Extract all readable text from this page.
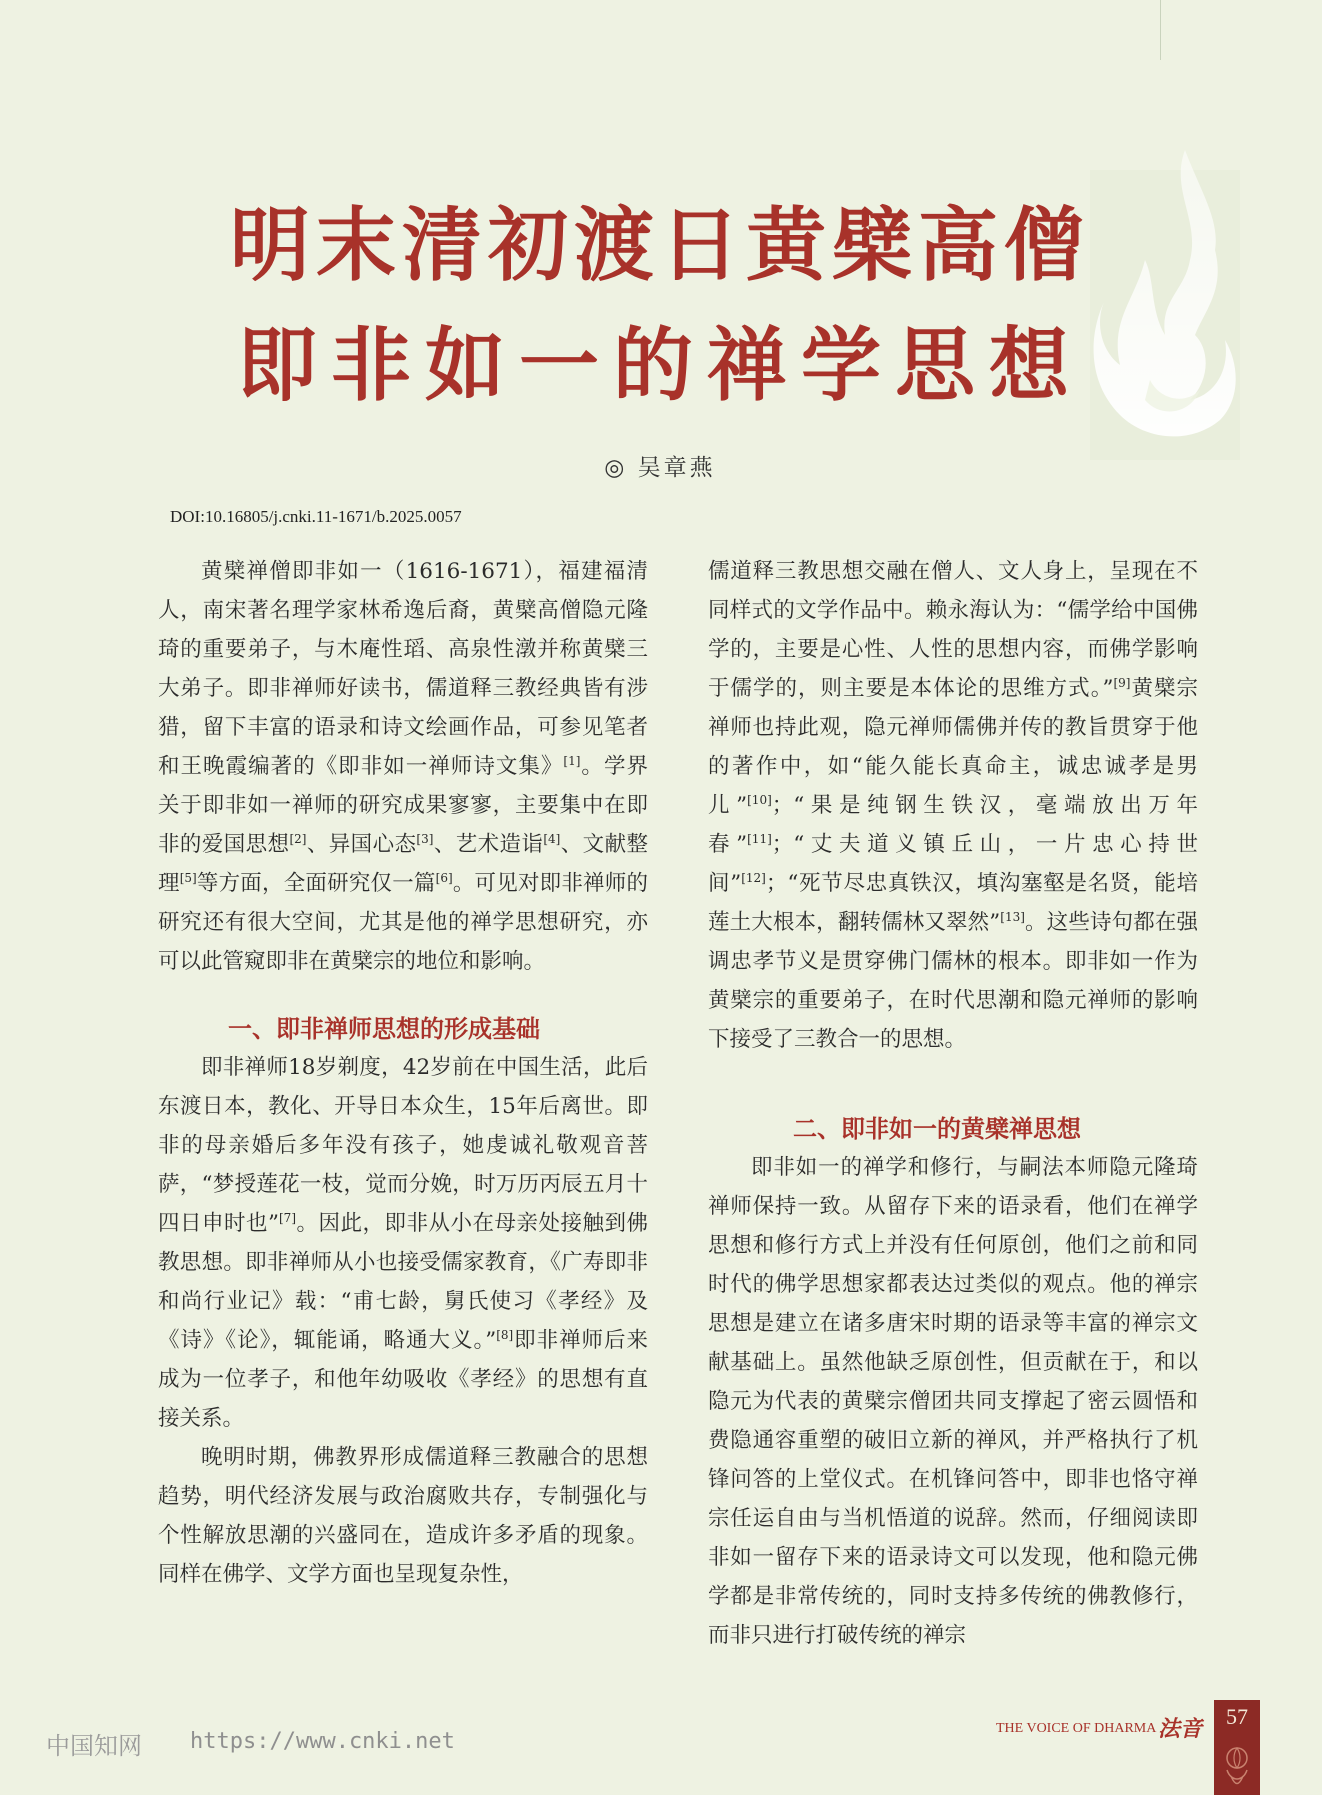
明末清初渡日黄檗高僧
即非如一的禅学思想
◎ 吴章燕
DOI:10.16805/j.cnki.11-1671/b.2025.0057

黄檗禅僧即非如一（1616-1671），福建福清人，南宋著名理学家林希逸后裔，黄檗高僧隐元隆琦的重要弟子，与木庵性瑫、高泉性潡并称黄檗三大弟子。即非禅师好读书，儒道释三教经典皆有涉猎，留下丰富的语录和诗文绘画作品，可参见笔者和王晚霞编著的《即非如一禅师诗文集》[1]。学界关于即非如一禅师的研究成果寥寥，主要集中在即非的爱国思想[2]、异国心态[3]、艺术造诣[4]、文献整理[5]等方面，全面研究仅一篇[6]。可见对即非禅师的研究还有很大空间，尤其是他的禅学思想研究，亦可以此管窥即非在黄檗宗的地位和影响。

一、即非禅师思想的形成基础

即非禅师18岁剃度，42岁前在中国生活，此后东渡日本，教化、开导日本众生，15年后离世。即非的母亲婚后多年没有孩子，她虔诚礼敬观音菩萨，“梦授莲花一枝，觉而分娩，时万历丙辰五月十四日申时也”[7]。因此，即非从小在母亲处接触到佛教思想。即非禅师从小也接受儒家教育，《广寿即非和尚行业记》载：“甫七龄，舅氏使习《孝经》及《诗》《论》，辄能诵，略通大义。”[8]即非禅师后来成为一位孝子，和他年幼吸收《孝经》的思想有直接关系。

晚明时期，佛教界形成儒道释三教融合的思想趋势，明代经济发展与政治腐败共存，专制强化与个性解放思潮的兴盛同在，造成许多矛盾的现象。同样在佛学、文学方面也呈现复杂性，

儒道释三教思想交融在僧人、文人身上，呈现在不同样式的文学作品中。赖永海认为：“儒学给中国佛学的，主要是心性、人性的思想内容，而佛学影响于儒学的，则主要是本体论的思维方式。”[9]黄檗宗禅师也持此观，隐元禅师儒佛并传的教旨贯穿于他的著作中，如“能久能长真命主，诚忠诚孝是男儿”[10]；“果是纯钢生铁汉，毫端放出万年春”[11]；“丈夫道义镇丘山，一片忠心持世间”[12]；“死节尽忠真铁汉，填沟塞壑是名贤，能培莲土大根本，翻转儒林又翠然”[13]。这些诗句都在强调忠孝节义是贯穿佛门儒林的根本。即非如一作为黄檗宗的重要弟子，在时代思潮和隐元禅师的影响下接受了三教合一的思想。

二、即非如一的黄檗禅思想

即非如一的禅学和修行，与嗣法本师隐元隆琦禅师保持一致。从留存下来的语录看，他们在禅学思想和修行方式上并没有任何原创，他们之前和同时代的佛学思想家都表达过类似的观点。他的禅宗思想是建立在诸多唐宋时期的语录等丰富的禅宗文献基础上。虽然他缺乏原创性，但贡献在于，和以隐元为代表的黄檗宗僧团共同支撑起了密云圆悟和费隐通容重塑的破旧立新的禅风，并严格执行了机锋问答的上堂仪式。在机锋问答中，即非也恪守禅宗任运自由与当机悟道的说辞。然而，仔细阅读即非如一留存下来的语录诗文可以发现，他和隐元佛学都是非常传统的，同时支持多传统的佛教修行，而非只进行打破传统的禅宗

中国知网 https://www.cnki.net
THE VOICE OF DHARMA 法音	57
